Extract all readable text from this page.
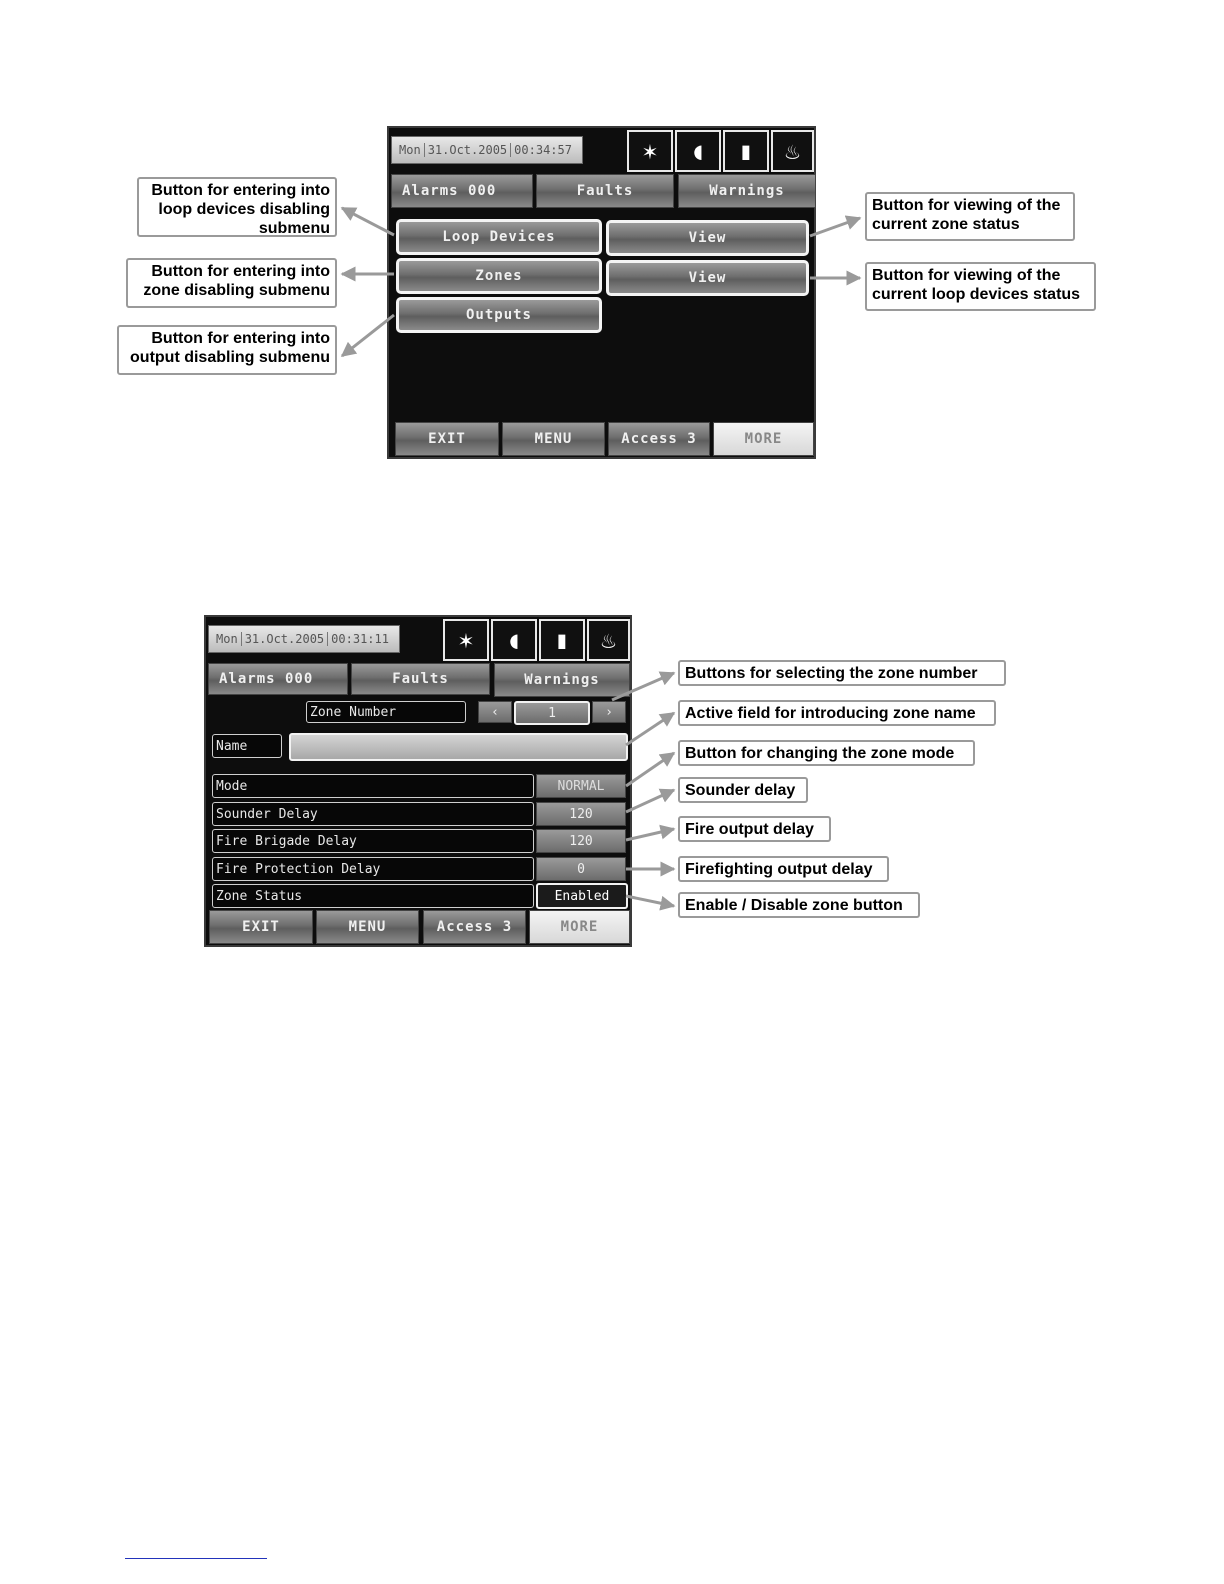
Mon 31.Oct.2005 00:34:57	✶	◖	▮	♨
Alarms 000	Faults	Warnings
Loop Devices
Zones
Outputs
View
View
EXIT	MENU	Access 3	MORE
Button for entering into loop devices disabling submenu
Button for entering into zone disabling submenu
Button for entering into output disabling submenu
Button for viewing of the current zone status
Button for viewing of the current loop devices status
Mon 31.Oct.2005 00:31:11	✶	◖	▮	♨
Alarms 000	Faults	Warnings
Zone Number	‹	1	›
Name
Mode	NORMAL
Sounder Delay	120
Fire Brigade Delay	120
Fire Protection Delay	0
Zone Status	Enabled
EXIT	MENU	Access 3	MORE
Buttons for selecting the zone number
Active field for introducing zone name
Button for changing the zone mode
Sounder delay
Fire output delay
Firefighting output delay
Enable / Disable zone button
